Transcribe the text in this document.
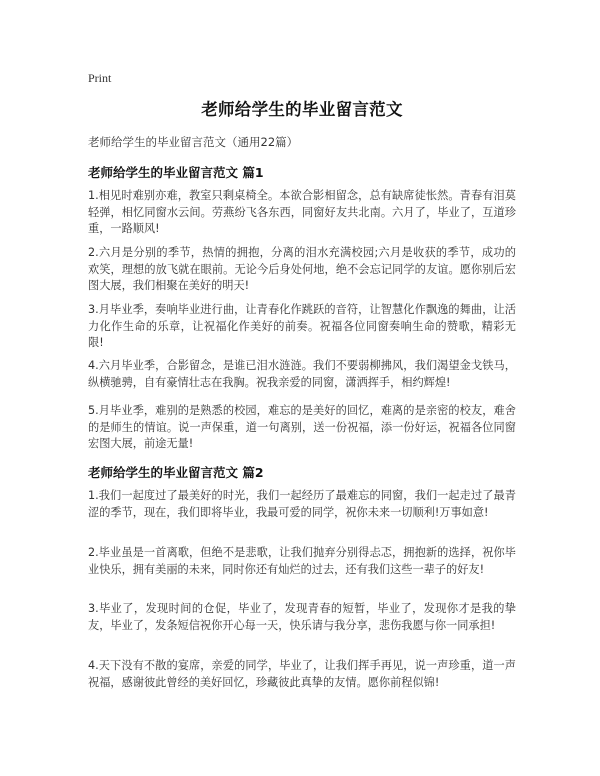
Print
老师给学生的毕业留言范文
老师给学生的毕业留言范文（通用22篇）
老师给学生的毕业留言范文 篇1
1.相见时难别亦难，教室只剩桌椅全。本欲合影相留念，总有缺席徒怅然。青春有泪莫轻弹，相忆同窗水云间。劳燕纷飞各东西，同窗好友共北南。六月了，毕业了，互道珍重，一路顺风!
2.六月是分别的季节，热情的拥抱，分离的泪水充满校园;六月是收获的季节，成功的欢笑，理想的放飞就在眼前。无论今后身处何地，绝不会忘记同学的友谊。愿你别后宏图大展，我们相聚在美好的明天!
3.月毕业季，奏响毕业进行曲，让青春化作跳跃的音符，让智慧化作飘逸的舞曲，让活力化作生命的乐章，让祝福化作美好的前奏。祝福各位同窗奏响生命的赞歌，精彩无限!
4.六月毕业季，合影留念，是谁已泪水涟涟。我们不要弱柳拂风，我们渴望金戈铁马，纵横驰骋，自有豪情壮志在我胸。祝我亲爱的同窗，潇洒挥手，相约辉煌!
5.月毕业季，难别的是熟悉的校园，难忘的是美好的回忆，难离的是亲密的校友，难舍的是师生的情谊。说一声保重，道一句离别，送一份祝福，添一份好运，祝福各位同窗宏图大展，前途无量!
老师给学生的毕业留言范文 篇2
1.我们一起度过了最美好的时光，我们一起经历了最难忘的同窗，我们一起走过了最青涩的季节，现在，我们即将毕业，我最可爱的同学，祝你未来一切顺利!万事如意!
2.毕业虽是一首离歌，但绝不是悲歌，让我们抛弃分别得忐忑，拥抱新的选择，祝你毕业快乐，拥有美丽的未来，同时你还有灿烂的过去，还有我们这些一辈子的好友!
3.毕业了，发现时间的仓促，毕业了，发现青春的短暂，毕业了，发现你才是我的挚友，毕业了，发条短信祝你开心每一天，快乐请与我分享，悲伤我愿与你一同承担!
4.天下没有不散的宴席，亲爱的同学，毕业了，让我们挥手再见，说一声珍重，道一声祝福，感谢彼此曾经的美好回忆，珍藏彼此真挚的友情。愿你前程似锦!
